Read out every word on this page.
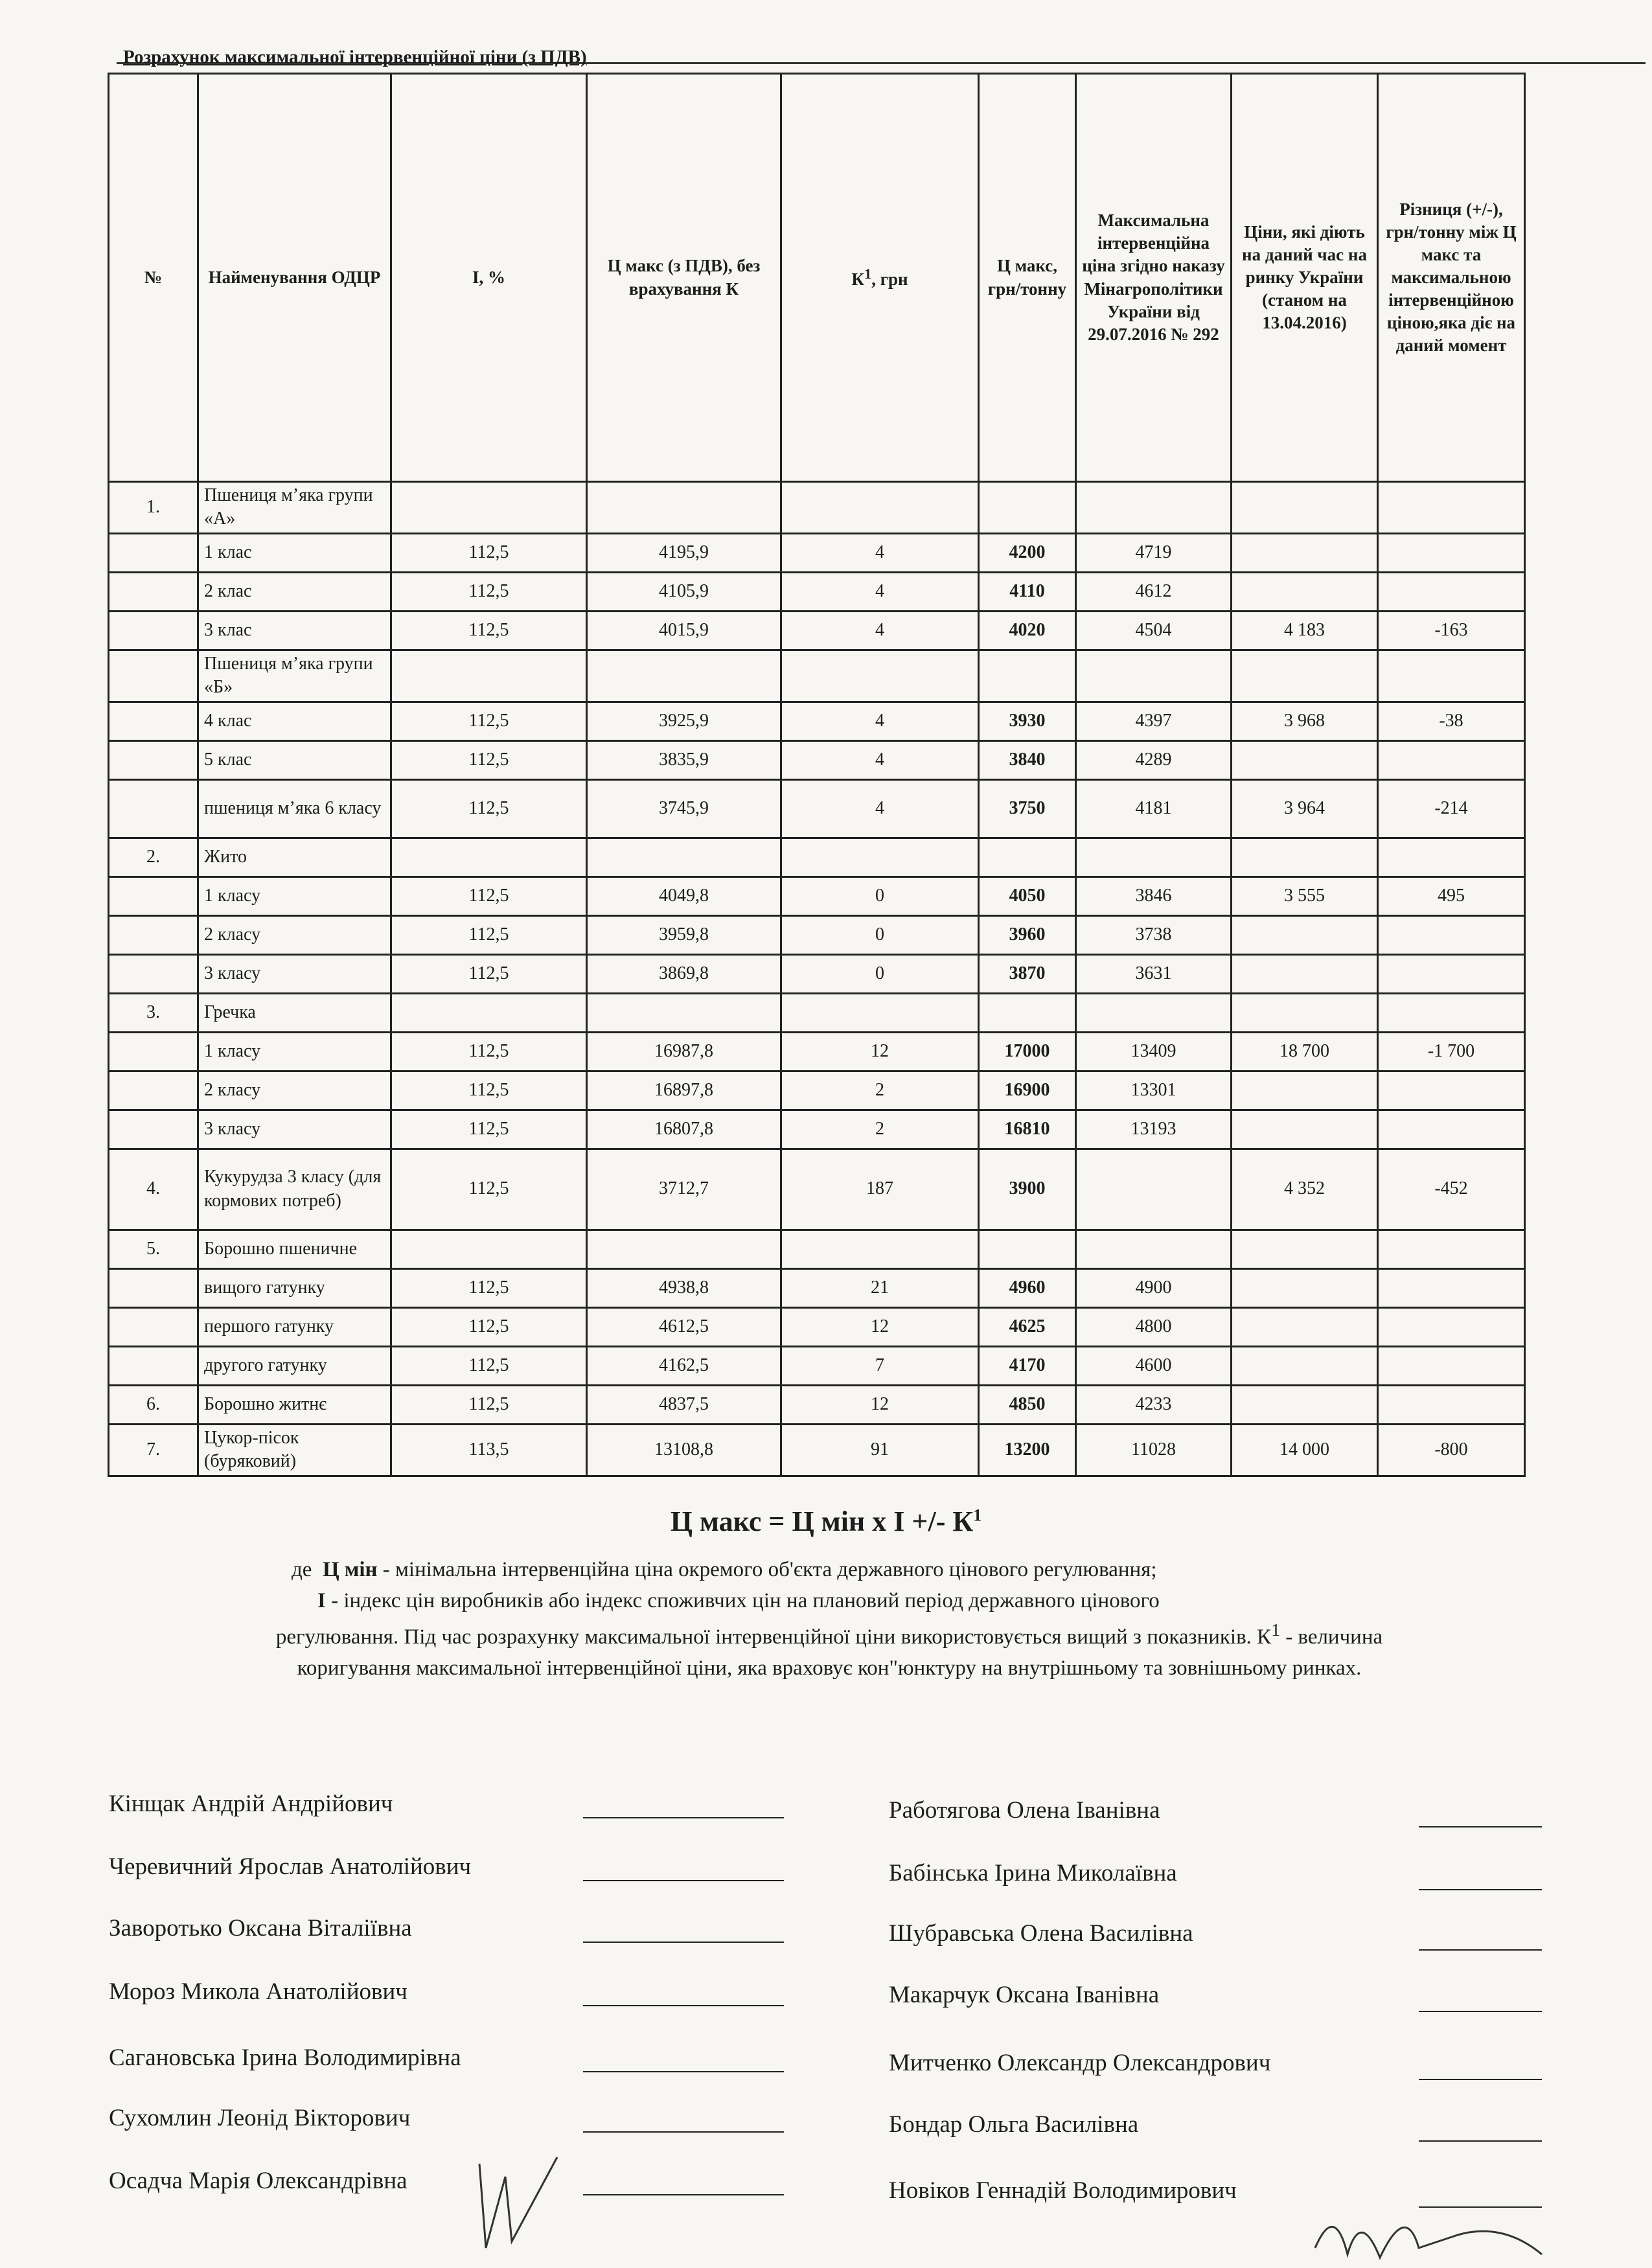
Розрахунок максимальної інтервенційної ціни (з ПДВ)
№	Найменування ОДЦР	І, %	Ц макс (з ПДВ), без врахування К	$К^1$, грн	Ц макс, грн/тонну	Максимальна інтервенційна ціна згідно наказу Мінагрополітики України від 29.07.2016 № 292	Ціни, які діють на даний час на ринку України (станом на 13.04.2016)	Різниця (+/-), грн/тонну між Ц макс та максимальною інтервенційною ціною,яка діє на даний момент
1.	Пшениця м’яка групи «А»							
	1 клас	112,5	4195,9	4	4200	4719		
	2 клас	112,5	4105,9	4	4110	4612		
	3 клас	112,5	4015,9	4	4020	4504	4 183	-163
	Пшениця м’яка групи «Б»							
	4 клас	112,5	3925,9	4	3930	4397	3 968	-38
	5 клас	112,5	3835,9	4	3840	4289		
	пшениця м’яка 6 класу	112,5	3745,9	4	3750	4181	3 964	-214
2.	Жито							
	1 класу	112,5	4049,8	0	4050	3846	3 555	495
	2 класу	112,5	3959,8	0	3960	3738		
	3 класу	112,5	3869,8	0	3870	3631		
3.	Гречка							
	1 класу	112,5	16987,8	12	17000	13409	18 700	-1 700
	2 класу	112,5	16897,8	2	16900	13301		
	3 класу	112,5	16807,8	2	16810	13193		
4.	Кукурудза 3 класу (для кормових потреб)	112,5	3712,7	187	3900		4 352	-452
5.	Борошно пшеничне							
	вищого гатунку	112,5	4938,8	21	4960	4900		
	першого гатунку	112,5	4612,5	12	4625	4800		
	другого гатунку	112,5	4162,5	7	4170	4600		
6.	Борошно житнє	112,5	4837,5	12	4850	4233		
7.	Цукор-пісок (буряковий)	113,5	13108,8	91	13200	11028	14 000	-800
Ц макс = Ц мін х І +/- $К^1$

де Ц мін - мінімальна інтервенційна ціна окремого об'єкта державного цінового регулювання;

І - індекс цін виробників або індекс споживчих цін на плановий період державного цінового

регулювання. Під час розрахунку максимальної інтервенційної ціни використовується вищий з показників. $К^1$ - величина

коригування максимальної інтервенційної ціни, яка враховує кон"юнктуру на внутрішньому та зовнішньому ринках.

Кінщак Андрій Андрійович
Черевичний Ярослав Анатолійович
Заворотько Оксана Віталіївна
Мороз Микола Анатолійович
Сагановська Ірина Володимирівна
Сухомлин Леонід Вікторович
Осадча Марія Олександрівна
Работягова Олена Іванівна
Бабінська Ірина Миколаївна
Шубравська Олена Василівна
Макарчук Оксана Іванівна
Митченко Олександр Олександрович
Бондар Ольга Василівна
Новіков Геннадій Володимирович
